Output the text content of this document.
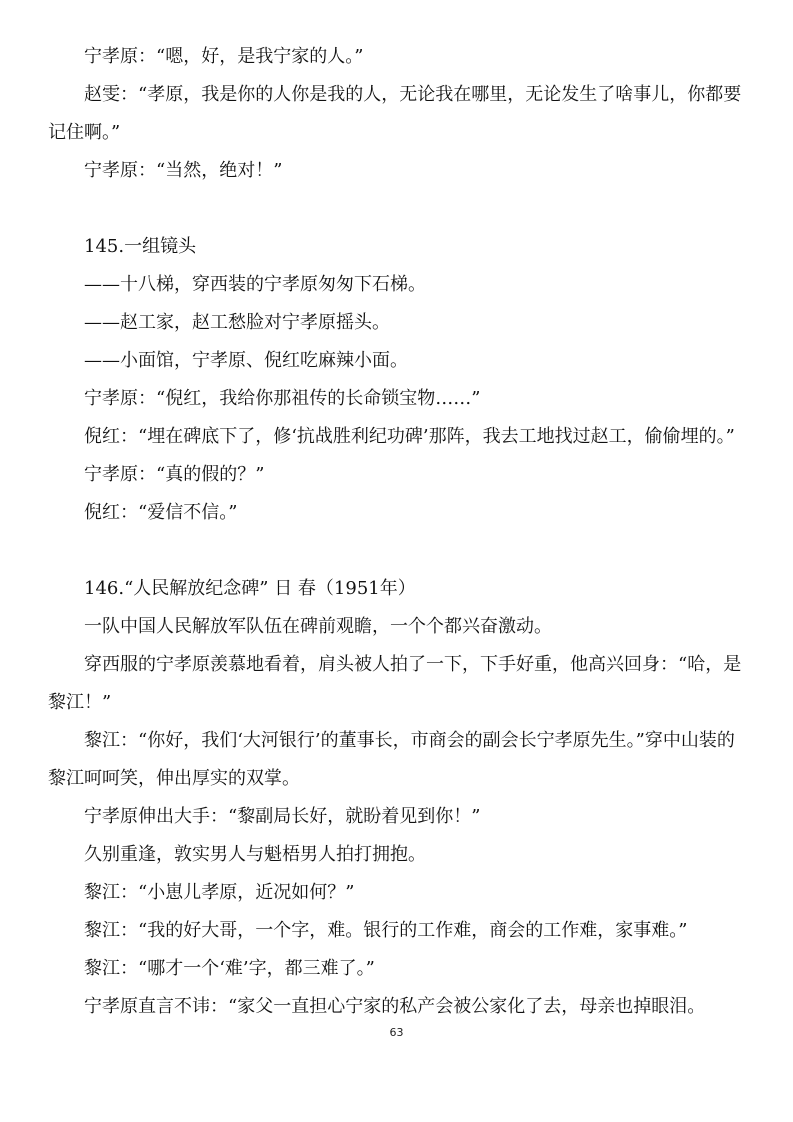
宁孝原：“嗯，好，是我宁家的人。”

赵雯：“孝原，我是你的人你是我的人，无论我在哪里，无论发生了啥事儿，你都要记住啊。”

宁孝原：“当然，绝对！”

145.一组镜头

——十八梯，穿西装的宁孝原匆匆下石梯。

——赵工家，赵工愁脸对宁孝原摇头。

——小面馆，宁孝原、倪红吃麻辣小面。

宁孝原：“倪红，我给你那祖传的长命锁宝物……”

倪红：“埋在碑底下了，修‘抗战胜利纪功碑’那阵，我去工地找过赵工，偷偷埋的。”

宁孝原：“真的假的？”

倪红：“爱信不信。”

146.“人民解放纪念碑” 日 春（1951年）

一队中国人民解放军队伍在碑前观瞻，一个个都兴奋激动。

穿西服的宁孝原羡慕地看着，肩头被人拍了一下，下手好重，他高兴回身：“哈，是黎江！”

黎江：“你好，我们‘大河银行’的董事长，市商会的副会长宁孝原先生。”穿中山装的黎江呵呵笑，伸出厚实的双掌。

宁孝原伸出大手：“黎副局长好，就盼着见到你！”

久别重逢，敦实男人与魁梧男人拍打拥抱。

黎江：“小崽儿孝原，近况如何？”

黎江：“我的好大哥，一个字，难。银行的工作难，商会的工作难，家事难。”

黎江：“哪才一个‘难’字，都三难了。”

宁孝原直言不讳：“家父一直担心宁家的私产会被公家化了去，母亲也掉眼泪。

63
